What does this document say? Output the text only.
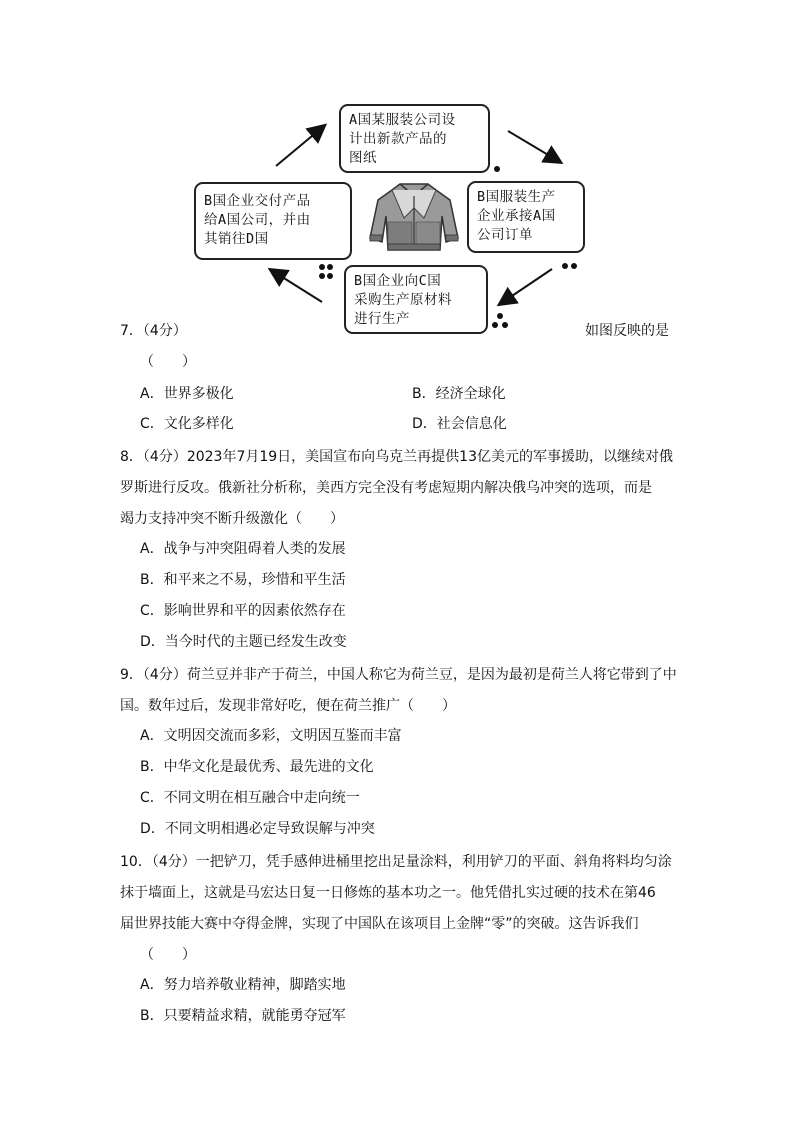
A国某服装公司设
计出新款产品的
图纸
B国服装生产
企业承接A国
公司订单
B国企业向C国
采购生产原材料
进行生产
B国企业交付产品
给A国公司，并由
其销往D国
7．（4分）	如图反映的是
（　　）
A．世界多极化	B．经济全球化
C．文化多样化	D．社会信息化
8．（4分）2023年7月19日，美国宣布向乌克兰再提供13亿美元的军事援助，以继续对俄
罗斯进行反攻。俄新社分析称，美西方完全没有考虑短期内解决俄乌冲突的选项，而是
竭力支持冲突不断升级激化（　　）
A．战争与冲突阻碍着人类的发展
B．和平来之不易，珍惜和平生活
C．影响世界和平的因素依然存在
D．当今时代的主题已经发生改变
9．（4分）荷兰豆并非产于荷兰，中国人称它为荷兰豆，是因为最初是荷兰人将它带到了中
国。数年过后，发现非常好吃，便在荷兰推广（　　）
A．文明因交流而多彩，文明因互鉴而丰富
B．中华文化是最优秀、最先进的文化
C．不同文明在相互融合中走向统一
D．不同文明相遇必定导致误解与冲突
10．（4分）一把铲刀，凭手感伸进桶里挖出足量涂料，利用铲刀的平面、斜角将料均匀涂
抹于墙面上，这就是马宏达日复一日修炼的基本功之一。他凭借扎实过硬的技术在第46
届世界技能大赛中夺得金牌，实现了中国队在该项目上金牌“零”的突破。这告诉我们
（　　）
A．努力培养敬业精神，脚踏实地
B．只要精益求精，就能勇夺冠军
